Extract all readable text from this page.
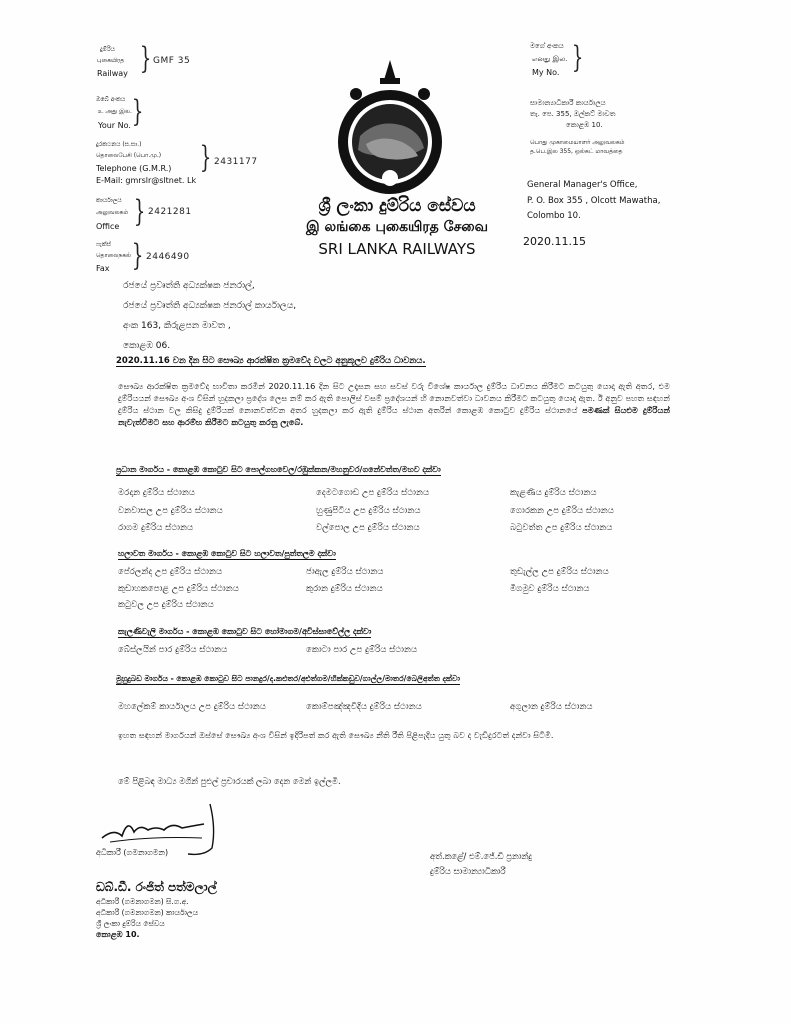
දුම්රිය
புகையிரத
Railway } GMF 35
ඔබේ අංකය
உ அது இல.
Your No. }
දුරකථනය (ස.සා.)
தொலைபேசி (பொ.மு.)
Telephone (G.M.R.)
E-Mail: gmrslr@sltnet. Lk
} 2431177
කාර්යාලය
அலுவலகம்
Office } 2421281
ෆැක්ස්
தொலைநகல்
Fax } 2446490
ශ්‍රී ලංකා දුම්රිය සේවය
இ லங்கை புகையிரத சேவை
SRI LANKA RAILWAYS
මගේ අංකය
எனது இல.
My No. }
සාමාන්‍යාධිකාරී කාර්යාලය
තැ. පෙ. 355, ඔල්කට් මාවත
කොළඹ 10.
பொது முகாமையாளர் அலுவலகம்
த.பெ.இல 355, ஒல்கட் மாவத்தை
General Manager's Office,
P. O. Box 355 , Olcott Mawatha,
Colombo 10.
2020.11.15
රජයේ ප්‍රවෘත්ති අධ්‍යක්ෂක ජනරාල්,
රජයේ ප්‍රවෘත්ති අධ්‍යක්ෂක ජනරාල් කාර්යාලය,
අංක 163, කිරුළපන මාවත ,
කොළඹ 06.
2020.11.16 වන දින සිට සෞඛ්‍ය ආරක්ෂිත ක්‍රමවේද වලට අනුකූලව දුම්රිය ධාවනය.
සෞඛ්‍ය ආරක්ෂිත ක්‍රමවේද භාවිතා කරමින් 2020.11.16 දින සිට උදෑසන සහ සවස් වරු විශේෂ කාර්යාල දුම්රිය ධාවනය කිරීමට කටයුතු යොදා ඇති අතර, එම දුම්රියයන් සෞඛ්‍ය අංශ විසින් හුදකලා ප්‍රදේශ ලෙස නම් කර ඇති පොලිස් වසම් ප්‍රදේශයන් හි නොනවත්වා ධාවනය කිරීමට කටයුතු යොදා ඇත. ඊ අනුව පහත සඳහන් දුම්රිය ස්ථාන වල කිසිදු දුම්රියක් නොනවත්වන අතර හුදකලා කර ඇති දුම්රිය ස්ථාන අතරින් කොළඹ කොටුව දුම්රිය ස්ථානයේ පමණක් සියළුම දුම්රියන් නැවැත්වීමට සහ ආරම්භ කිරීමට කටයුතු කරනු ලැබේ.
ප්‍රධාන මාර්ගය - කොළඹ කොටුව සිට පොල්ගහවෙල/රඹුක්කන/මහනුවර/ගනේවත්ත/මහව දක්වා
මරදාන දුම්රිය ස්ථානය	දෙමටගොඩ උප දුම්රිය ස්ථානය	කැළණිය දුම්රිය ස්ථානය
වනවාසල උප දුම්රිය ස්ථානය	හුණුපිටිය උප දුම්රිය ස්ථානය	ගොරකන උප දුම්රිය ස්ථානය
රාගම දුම්රිය ස්ථානය	වල්පොල උප දුම්රිය ස්ථානය	බටුවත්ත උප දුම්රිය ස්ථානය
හලාවත මාර්ගය - කොළඹ කොටුව සිට හලාවත/පුත්තලම දක්වා
පේරලන්ද උප දුම්රිය ස්ථානය	ජාඇල දුම්රිය ස්ථානය	තුඩැල්ල උප දුම්රිය ස්ථානය
කුඩාහකපොළ උප දුම්රිය ස්ථානය	කුරාන දුම්රිය ස්ථානය	මීගමුව දුම්රිය ස්ථානය
කටුවල උප දුම්රිය ස්ථානය
කැලණිවැලි මාර්ගය - කොළඹ කොටුව සිට හෝමාගම/අවිස්සාවේල්ල දක්වා
බේස්ලයින් පාර දුම්රිය ස්ථානය	කොටා පාර උප දුම්රිය ස්ථානය
මුහුදුබඩ මාර්ගය - කොළඹ කොටුව සිට පානදුර/ද.කළුතර/අළුත්ගම/හික්කඩුව/ගාල්ල/මාතර/බෙලිඅත්ත දක්වා
මහලේකම් කාර්යාලය උප දුම්රිය ස්ථානය	කොම්පඤ්ඤවීදිය දුම්රිය ස්ථානය	අගුලාන දුම්රිය ස්ථානය
ඉහත සඳහන් මාර්ගයන් ඔස්සේ සෞඛ්‍ය අංශ විසින් ඉදිරිපත් කර ඇති සෞඛ්‍ය නීති රීති පිළිපැදිය යුතු බව ද වැඩිදුරටත් දන්වා සිටිමි.
මේ පිළිබඳ මාධ්‍ය මගින් පුළුල් ප්‍රචාරයක් ලබා දෙන මෙන් ඉල්ලමි.
අධිකාරී (ගමනාගමන)
ඩබ්.ඩී. රංජිත් පත්මලාල්
අධිකාරී (ගමනාගමන) සි.ග.අ.
අධිකාරී (ගමනාගමන) කාර්යාලය
ශ්‍රී ලංකා දුම්රිය සේවය
කොළඹ 10.
අත්.කළේ/ එම්.ජේ.ඩී ප්‍රනාන්දු
දුම්රිය සාමාන්‍යාධිකාරී
